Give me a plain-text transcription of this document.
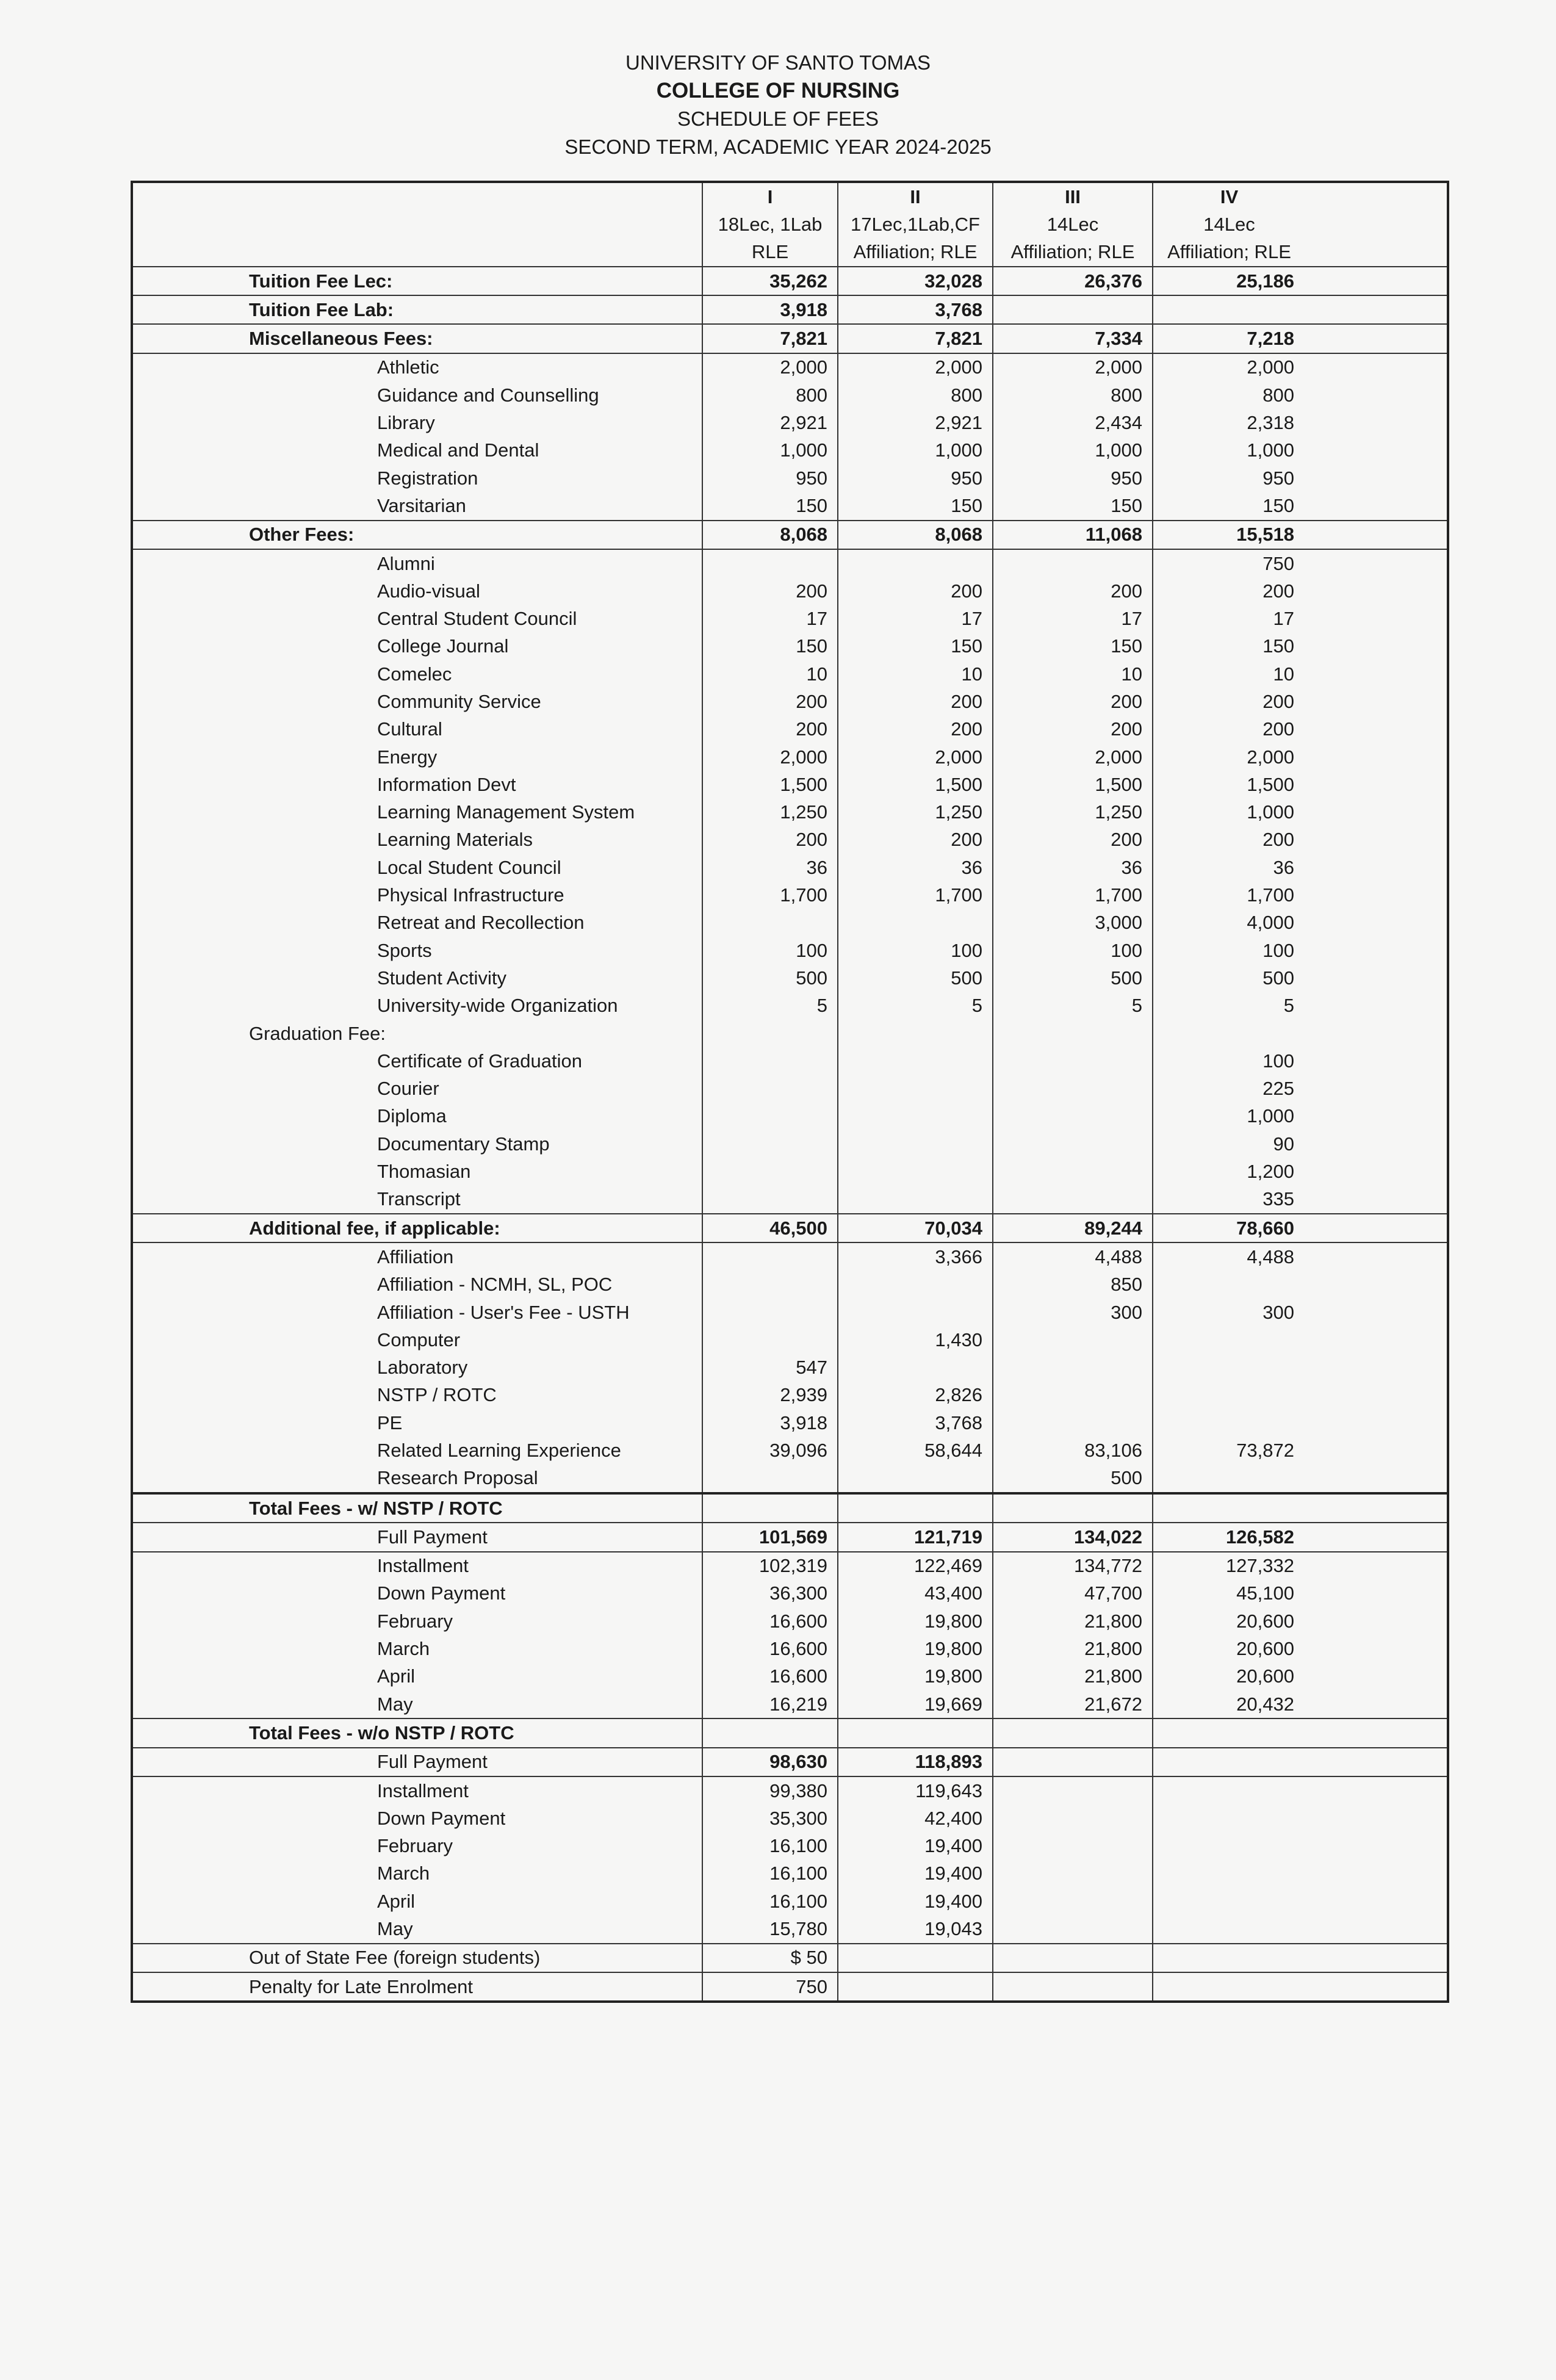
UNIVERSITY OF SANTO TOMAS
COLLEGE OF NURSING
SCHEDULE OF FEES
SECOND TERM, ACADEMIC YEAR 2024-2025
	I	II	III	IV
	18Lec, 1Lab	17Lec,1Lab,CF	14Lec	14Lec
	RLE	Affiliation; RLE	Affiliation; RLE	Affiliation; RLE
Tuition Fee Lec:	35,262	32,028	26,376	25,186
Tuition Fee Lab:	3,918	3,768		
Miscellaneous Fees:	7,821	7,821	7,334	7,218
Athletic	2,000	2,000	2,000	2,000
Guidance and Counselling	800	800	800	800
Library	2,921	2,921	2,434	2,318
Medical and Dental	1,000	1,000	1,000	1,000
Registration	950	950	950	950
Varsitarian	150	150	150	150
Other Fees:	8,068	8,068	11,068	15,518
Alumni				750
Audio-visual	200	200	200	200
Central Student Council	17	17	17	17
College Journal	150	150	150	150
Comelec	10	10	10	10
Community Service	200	200	200	200
Cultural	200	200	200	200
Energy	2,000	2,000	2,000	2,000
Information Devt	1,500	1,500	1,500	1,500
Learning Management System	1,250	1,250	1,250	1,000
Learning Materials	200	200	200	200
Local Student Council	36	36	36	36
Physical Infrastructure	1,700	1,700	1,700	1,700
Retreat and Recollection			3,000	4,000
Sports	100	100	100	100
Student Activity	500	500	500	500
University-wide Organization	5	5	5	5
Graduation Fee:				
Certificate of Graduation				100
Courier				225
Diploma				1,000
Documentary Stamp				90
Thomasian				1,200
Transcript				335
Additional fee, if applicable:	46,500	70,034	89,244	78,660
Affiliation		3,366	4,488	4,488
Affiliation - NCMH, SL, POC			850	
Affiliation - User's Fee - USTH			300	300
Computer		1,430		
Laboratory	547			
NSTP / ROTC	2,939	2,826		
PE	3,918	3,768		
Related Learning Experience	39,096	58,644	83,106	73,872
Research Proposal			500	
Total Fees - w/ NSTP / ROTC				
Full Payment	101,569	121,719	134,022	126,582
Installment	102,319	122,469	134,772	127,332
Down Payment	36,300	43,400	47,700	45,100
February	16,600	19,800	21,800	20,600
March	16,600	19,800	21,800	20,600
April	16,600	19,800	21,800	20,600
May	16,219	19,669	21,672	20,432
Total Fees - w/o NSTP / ROTC				
Full Payment	98,630	118,893		
Installment	99,380	119,643		
Down Payment	35,300	42,400		
February	16,100	19,400		
March	16,100	19,400		
April	16,100	19,400		
May	15,780	19,043		
Out of State Fee (foreign students)	$ 50			
Penalty for Late Enrolment	750			
